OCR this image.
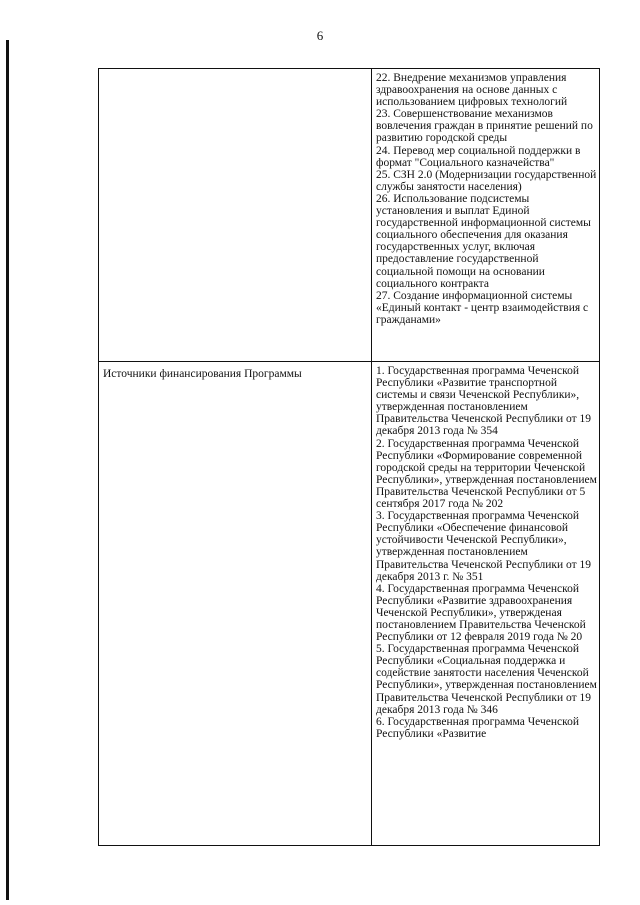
6
22. Внедрение механизмов управления здравоохранения на основе данных с использованием цифровых технологий
23. Совершенствование механизмов вовлечения граждан в принятие решений по развитию городской среды
24. Перевод мер социальной поддержки в формат "Социального казначейства"
25. СЗН 2.0 (Модернизации государственной службы занятости населения)
26. Использование подсистемы установления и выплат Единой государственной информационной системы социального обеспечения для оказания государственных услуг, включая предоставление государственной социальной помощи на основании социального контракта
27. Создание информационной системы «Единый контакт - центр взаимодействия с гражданами»
Источники финансирования Программы	1. Государственная программа Чеченской Республики «Развитие транспортной системы и связи Чеченской Республики», утвержденная постановлением Правительства Чеченской Республики от 19 декабря 2013 года № 354
2. Государственная программа Чеченской Республики «Формирование современной городской среды на территории Чеченской Республики», утвержденная постановлением Правительства Чеченской Республики от 5 сентября 2017 года № 202
3. Государственная программа Чеченской Республики «Обеспечение финансовой устойчивости Чеченской Республики», утвержденная постановлением Правительства Чеченской Республики от 19 декабря 2013 г. № 351
4. Государственная программа Чеченской Республики «Развитие здравоохранения Чеченской Республики», утвержденая постановлением Правительства Чеченской Республики от 12 февраля 2019 года № 20
5. Государственная программа Чеченской Республики «Социальная поддержка и содействие занятости населения Чеченской Республики», утвержденная постановлением Правительства Чеченской Республики от 19 декабря 2013 года № 346
6. Государственная программа Чеченской Республики «Развитие
